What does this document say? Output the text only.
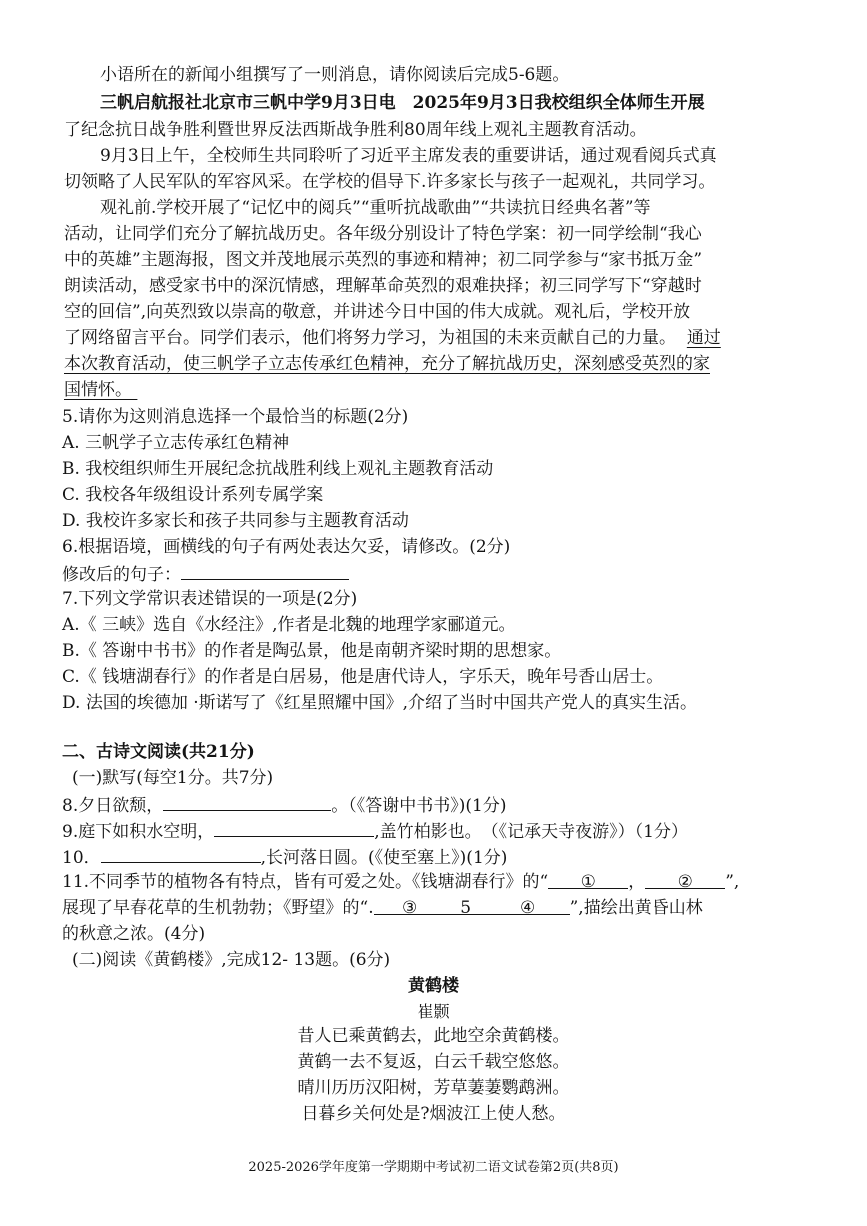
小语所在的新闻小组撰写了一则消息，请你阅读后完成5-6题。
三帆启航报社北京市三帆中学9月3日电　2025年9月3日我校组织全体师生开展
了纪念抗日战争胜利暨世界反法西斯战争胜利80周年线上观礼主题教育活动。
9月3日上午，全校师生共同聆听了习近平主席发表的重要讲话，通过观看阅兵式真
切领略了人民军队的军容风采。在学校的倡导下.许多家长与孩子一起观礼，共同学习。
观礼前.学校开展了“记忆中的阅兵”“重听抗战歌曲”“共读抗日经典名著”等
活动，让同学们充分了解抗战历史。各年级分别设计了特色学案：初一同学绘制“我心
中的英雄”主题海报，图文并茂地展示英烈的事迹和精神；初二同学参与“家书抵万金”
朗读活动，感受家书中的深沉情感，理解革命英烈的艰难抉择；初三同学写下“穿越时
空的回信”,向英烈致以崇高的敬意，并讲述今日中国的伟大成就。观礼后，学校开放
了网络留言平台。同学们表示，他们将努力学习，为祖国的未来贡献自己的力量。 通过
本次教育活动，使三帆学子立志传承红色精神，充分了解抗战历史，深刻感受英烈的家
国情怀。
5.请你为这则消息选择一个最恰当的标题(2分)
A. 三帆学子立志传承红色精神
B. 我校组织师生开展纪念抗战胜利线上观礼主题教育活动
C. 我校各年级组设计系列专属学案
D. 我校许多家长和孩子共同参与主题教育活动
6.根据语境，画横线的句子有两处表达欠妥，请修改。(2分)
修改后的句子：
7.下列文学常识表述错误的一项是(2分)
A.《 三峡》选自《水经注》,作者是北魏的地理学家郦道元。
B.《 答谢中书书》的作者是陶弘景，他是南朝齐梁时期的思想家。
C.《 钱塘湖春行》的作者是白居易，他是唐代诗人，字乐天，晚年号香山居士。
D. 法国的埃德加 ·斯诺写了《红星照耀中国》,介绍了当时中国共产党人的真实生活。
二、古诗文阅读(共21分)
(一)默写(每空1分。共7分)
8.夕日欲颓，	。（《答谢中书书》)(1分)
9.庭下如积水空明，	,盖竹柏影也。　（《记承天寺夜游》）（1分）
10．	,长河落日圆。(《使至塞上》)(1分)
11.不同季节的植物各有特点，皆有可爱之处。《钱塘湖春行》的“ ① ， ② ”,
展现了早春花草的生机勃勃；《野望》的“. ③	5	④ ”,描绘出黄昏山林
的秋意之浓。(4分)
(二)阅读《黄鹤楼》,完成12- 13题。(6分)
黄鹤楼
崔颢
昔人已乘黄鹤去，此地空余黄鹤楼。
黄鹤一去不复返，白云千载空悠悠。
晴川历历汉阳树，芳草萋萋鹦鹉洲。
日暮乡关何处是?烟波江上使人愁。
2025-2026学年度第一学期期中考试初二语文试卷第2页(共8页)
